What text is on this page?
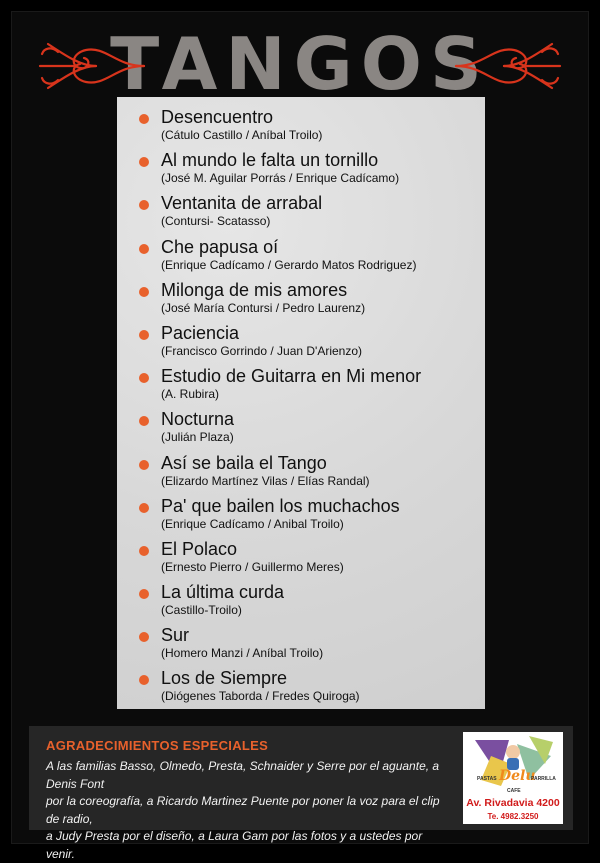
Desencuentro
(Cátulo Castillo / Aníbal Troilo)
Al mundo le falta un tornillo
(José M. Aguilar Porrás / Enrique Cadícamo)
Ventanita de arrabal
(Contursi- Scatasso)
Che papusa oí
(Enrique Cadícamo / Gerardo Matos Rodriguez)
Milonga de mis amores
(José María Contursi / Pedro Laurenz)
Paciencia
(Francisco Gorrindo / Juan D'Arienzo)
Estudio de Guitarra en Mi menor
(A. Rubira)
Nocturna
(Julián Plaza)
Así se baila el Tango
(Elizardo Martínez Vilas / Elías Randal)
Pa' que bailen los muchachos
(Enrique Cadícamo / Anibal Troilo)
El Polaco
(Ernesto Pierro / Guillermo Meres)
La última curda
(Castillo-Troilo)
Sur
(Homero Manzi / Aníbal Troilo)
Los de Siempre
(Diógenes Taborda / Fredes Quiroga)
TANGOS
AGRADECIMIENTOS ESPECIALES
A las familias Basso, Olmedo, Presta, Schnaider y Serre por el aguante, a Denis Font
por la coreografía, a Ricardo Martinez Puente por poner la voz para el clip de radio,
a Judy Presta por el diseño, a Laura Gam por las fotos y a ustedes por venir.
PASTAS Delu
PARRILLA
CAFE
Av. Rivadavia 4200
Te. 4982.3250
